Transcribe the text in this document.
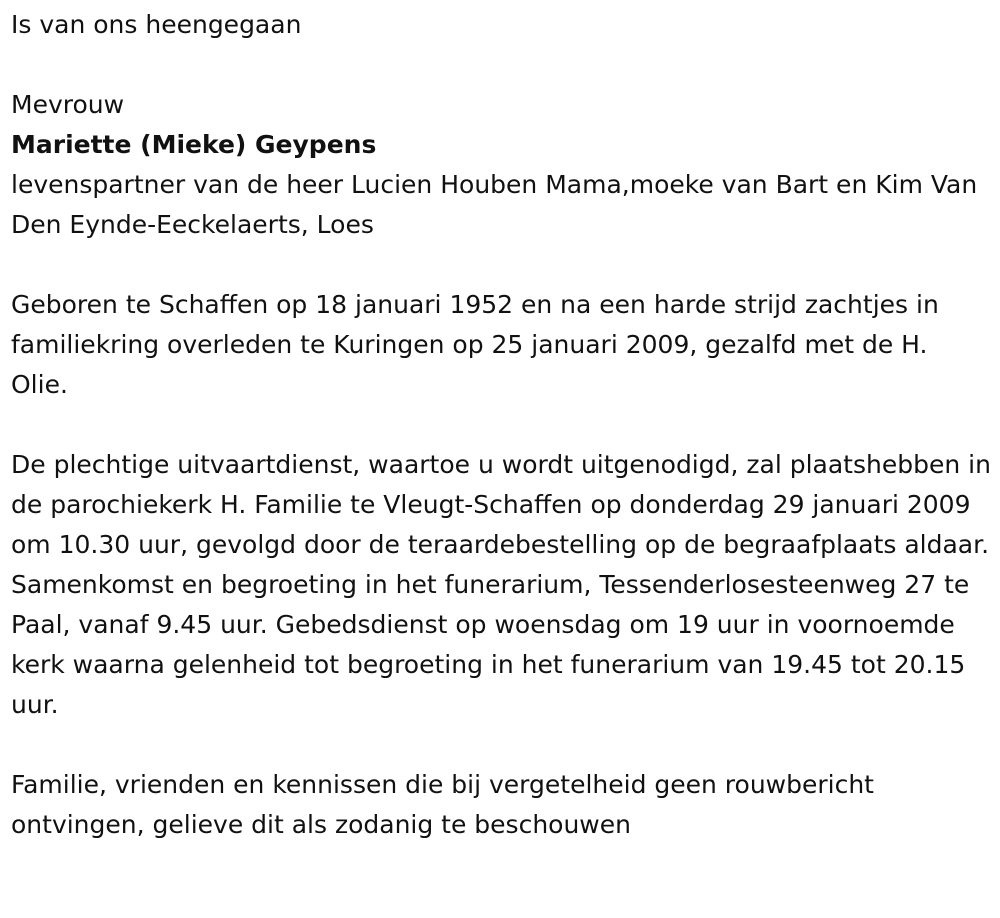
Is van ons heengegaan

Mevrouw

Mariette (Mieke) Geypens

levenspartner van de heer Lucien Houben Mama,moeke van Bart en Kim Van Den Eynde-Eeckelaerts, Loes

Geboren te Schaffen op 18 januari 1952 en na een harde strijd zachtjes in familiekring overleden te Kuringen op 25 januari 2009, gezalfd met de H. Olie.

De plechtige uitvaartdienst, waartoe u wordt uitgenodigd, zal plaatshebben in de parochiekerk H. Familie te Vleugt-Schaffen op donderdag 29 januari 2009 om 10.30 uur, gevolgd door de teraardebestelling op de begraafplaats aldaar. Samenkomst en begroeting in het funerarium, Tessenderlosesteenweg 27 te Paal, vanaf 9.45 uur. Gebedsdienst op woensdag om 19 uur in voornoemde kerk waarna gelenheid tot begroeting in het funerarium van 19.45 tot 20.15 uur.

Familie, vrienden en kennissen die bij vergetelheid geen rouwbericht ontvingen, gelieve dit als zodanig te beschouwen
